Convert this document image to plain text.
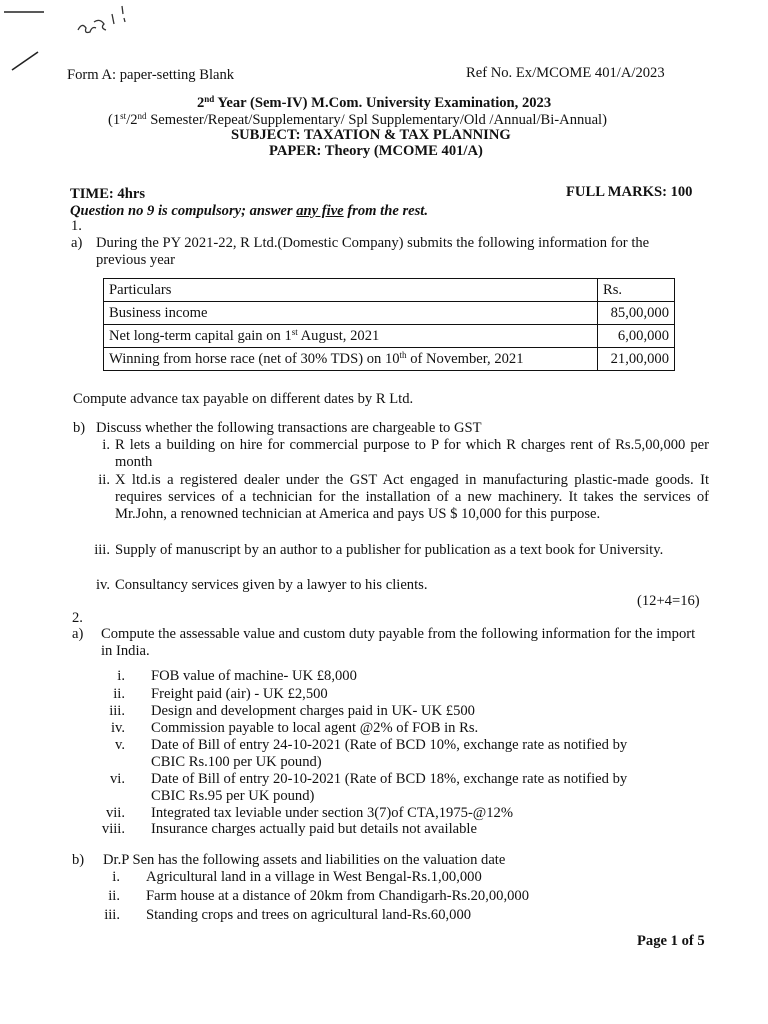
Form A: paper-setting Blank	Ref No. Ex/MCOME 401/A/2023
2nd Year (Sem-IV) M.Com. University Examination, 2023
(1st/2nd Semester/Repeat/Supplementary/ Spl Supplementary/Old /Annual/Bi-Annual)
SUBJECT: TAXATION & TAX PLANNING
PAPER: Theory (MCOME 401/A)
TIME: 4hrs	FULL MARKS: 100
Question no 9 is compulsory; answer any five from the rest.
1.
a) During the PY 2021-22, R Ltd.(Domestic Company) submits the following information for the previous year
Particulars	Rs.
Business income	85,00,000
Net long-term capital gain on 1st August, 2021	6,00,000
Winning from horse race (net of 30% TDS) on 10th of November, 2021	21,00,000
Compute advance tax payable on different dates by R Ltd.
b) Discuss whether the following transactions are chargeable to GST
i. R lets a building on hire for commercial purpose to P for which R charges rent of Rs.5,00,000 per month
ii. X ltd.is a registered dealer under the GST Act engaged in manufacturing plastic-made goods. It requires services of a technician for the installation of a new machinery. It takes the services of Mr.John, a renowned technician at America and pays US $ 10,000 for this purpose.
iii. Supply of manuscript by an author to a publisher for publication as a text book for University.
iv. Consultancy services given by a lawyer to his clients.
(12+4=16)
2.
a) Compute the assessable value and custom duty payable from the following information for the import in India.
i. FOB value of machine- UK £8,000
ii. Freight paid (air) - UK £2,500
iii. Design and development charges paid in UK- UK £500
iv. Commission payable to local agent @2% of FOB in Rs.
v. Date of Bill of entry 24-10-2021 (Rate of BCD 10%, exchange rate as notified by
CBIC Rs.100 per UK pound)
vi. Date of Bill of entry 20-10-2021 (Rate of BCD 18%, exchange rate as notified by
CBIC Rs.95 per UK pound)
vii. Integrated tax leviable under section 3(7)of CTA,1975-@12%
viii. Insurance charges actually paid but details not available
b) Dr.P Sen has the following assets and liabilities on the valuation date
i. Agricultural land in a village in West Bengal-Rs.1,00,000
ii. Farm house at a distance of 20km from Chandigarh-Rs.20,00,000
iii. Standing crops and trees on agricultural land-Rs.60,000
Page 1 of 5
